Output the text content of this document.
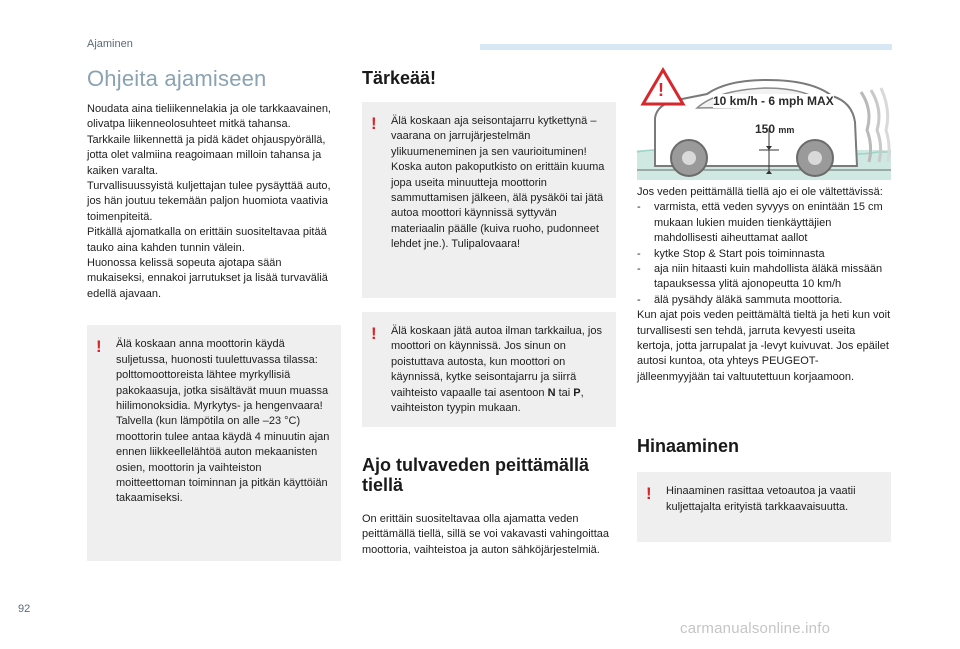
Ajaminen
Ohjeita ajamiseen

Noudata aina tieliikennelakia ja ole tarkkaavainen, olivatpa liikenneolosuhteet mitkä tahansa.

Tarkkaile liikennettä ja pidä kädet ohjauspyörällä, jotta olet valmiina reagoimaan milloin tahansa ja kaiken varalta.

Turvallisuussyistä kuljettajan tulee pysäyttää auto, jos hän joutuu tekemään paljon huomiota vaativia toimenpiteitä.

Pitkällä ajomatkalla on erittäin suositeltavaa pitää tauko aina kahden tunnin välein.

Huonossa kelissä sopeuta ajotapa sään mukaiseksi, ennakoi jarrutukset ja lisää turvaväliä edellä ajavaan.

! Älä koskaan anna moottorin käydä suljetussa, huonosti tuulettuvassa tilassa: polttomoottoreista lähtee myrkyllisiä pakokaasuja, jotka sisältävät muun muassa hiilimonoksidia. Myrkytys- ja hengenvaara!

Talvella (kun lämpötila on alle –23 °C) moottorin tulee antaa käydä 4 minuutin ajan ennen liikkeellelähtöä auton mekaanisten osien, moottorin ja vaihteiston moitteettoman toiminnan ja pitkän käyttöiän takaamiseksi.

Tärkeää!
! Älä koskaan aja seisontajarru kytkettynä – vaarana on jarrujärjestelmän ylikuumeneminen ja sen vaurioituminen! Koska auton pakoputkisto on erittäin kuuma jopa useita minuutteja moottorin sammuttamisen jälkeen, älä pysäköi tai jätä autoa moottori käynnissä syttyvän materiaalin päälle (kuiva ruoho, pudonneet lehdet jne.). Tulipalovaara!

! Älä koskaan jätä autoa ilman tarkkailua, jos moottori on käynnissä. Jos sinun on poistuttava autosta, kun moottori on käynnissä, kytke seisontajarru ja siirrä vaihteisto vapaalle tai asentoon N tai P, vaihteiston tyypin mukaan.

Ajo tulvaveden peittämällä tiellä

On erittäin suositeltavaa olla ajamatta veden peittämällä tiellä, sillä se voi vakavasti vahingoittaa moottoria, vaihteistoa ja auton sähköjärjestelmiä.

!
10 km/h - 6 mph MAX
150 mm

Jos veden peittämällä tiellä ajo ei ole vältettävissä:

-	varmista, että veden syvyys on enintään 15 cm mukaan lukien muiden tienkäyttäjien mahdollisesti aiheuttamat aallot
-	kytke Stop & Start pois toiminnasta
-	aja niin hitaasti kuin mahdollista äläkä missään tapauksessa ylitä ajonopeutta 10 km/h
-	älä pysähdy äläkä sammuta moottoria.

Kun ajat pois veden peittämältä tieltä ja heti kun voit turvallisesti sen tehdä, jarruta kevyesti useita kertoja, jotta jarrupalat ja -levyt kuivuvat. Jos epäilet autosi kuntoa, ota yhteys PEUGEOT-jälleenmyyjään tai valtuutettuun korjaamoon.

Hinaaminen
! Hinaaminen rasittaa vetoautoa ja vaatii kuljettajalta erityistä tarkkaavaisuutta.

92
carmanualsonline.info
